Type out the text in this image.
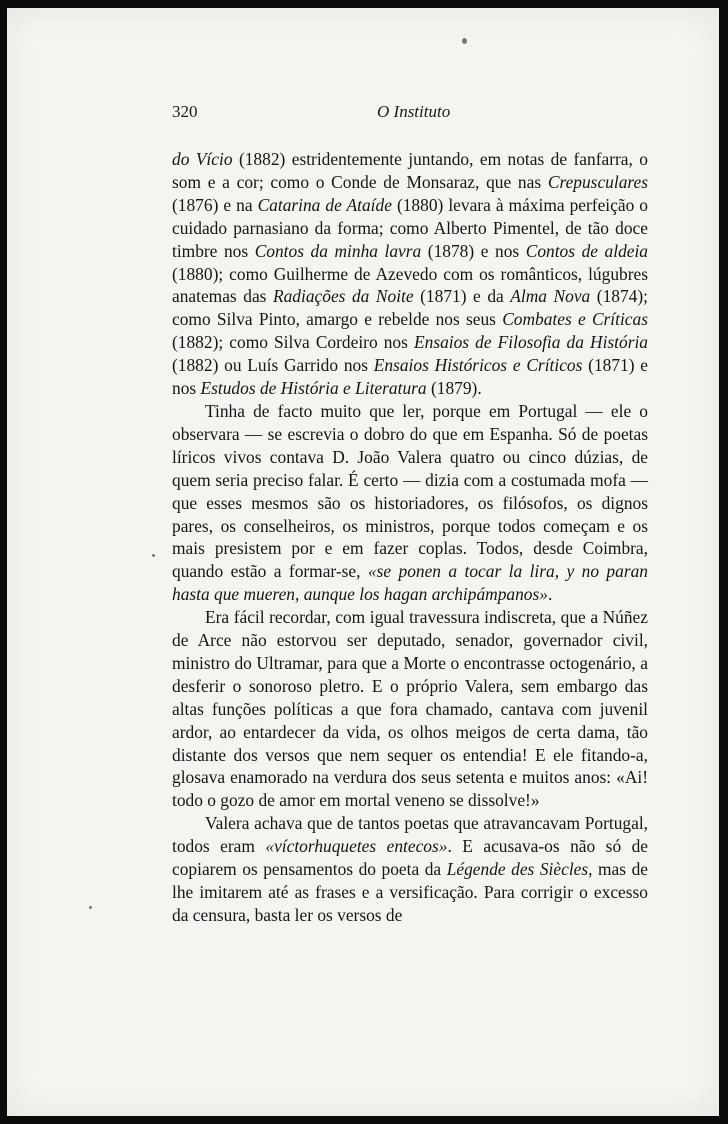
320	O Instituto

do Vício (1882) estridentemente juntando, em notas de fanfarra, o som e a cor; como o Conde de Monsaraz, que nas Crepusculares (1876) e na Catarina de Ataíde (1880) levara à máxima perfeição o cuidado parnasiano da forma; como Alberto Pimentel, de tão doce timbre nos Contos da minha lavra (1878) e nos Contos de aldeia (1880); como Guilherme de Azevedo com os românticos, lúgubres anatemas das Radiações da Noite (1871) e da Alma Nova (1874); como Silva Pinto, amargo e rebelde nos seus Combates e Críticas (1882); como Silva Cordeiro nos Ensaios de Filosofia da História (1882) ou Luís Garrido nos Ensaios Históricos e Críticos (1871) e nos Estudos de História e Literatura (1879).

Tinha de facto muito que ler, porque em Portugal — ele o observara — se escrevia o dobro do que em Espanha. Só de poetas líricos vivos contava D. João Valera quatro ou cinco dúzias, de quem seria preciso falar. É certo — dizia com a costumada mofa — que esses mesmos são os historiadores, os filósofos, os dignos pares, os conselheiros, os ministros, porque todos começam e os mais presistem por e em fazer coplas. Todos, desde Coimbra, quando estão a formar-se, «se ponen a tocar la lira, y no paran hasta que mueren, aunque los hagan archipámpanos».

Era fácil recordar, com igual travessura indiscreta, que a Núñez de Arce não estorvou ser deputado, senador, governador civil, ministro do Ultramar, para que a Morte o encontrasse octogenário, a desferir o sonoroso pletro. E o próprio Valera, sem embargo das altas funções políticas a que fora chamado, cantava com juvenil ardor, ao entardecer da vida, os olhos meigos de certa dama, tão distante dos versos que nem sequer os entendia! E ele fitando-a, glosava enamorado na verdura dos seus setenta e muitos anos: «Ai! todo o gozo de amor em mortal veneno se dissolve!»

Valera achava que de tantos poetas que atravancavam Portugal, todos eram «víctorhuquetes entecos». E acusava-os não só de copiarem os pensamentos do poeta da Légende des Siècles, mas de lhe imitarem até as frases e a versificação. Para corrigir o excesso da censura, basta ler os versos de
